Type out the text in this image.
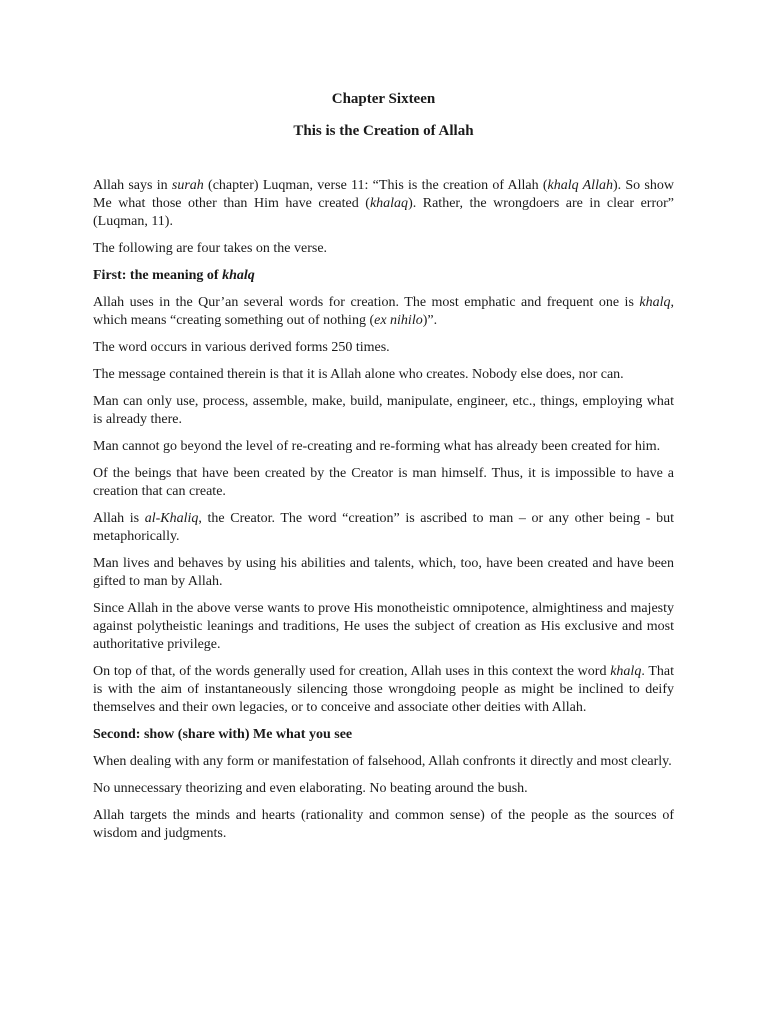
Chapter Sixteen
This is the Creation of Allah

Allah says in surah (chapter) Luqman, verse 11: “This is the creation of Allah (khalq Allah). So show Me what those other than Him have created (khalaq). Rather, the wrongdoers are in clear error” (Luqman, 11).

The following are four takes on the verse.

First: the meaning of khalq

Allah uses in the Qur’an several words for creation. The most emphatic and frequent one is khalq, which means “creating something out of nothing (ex nihilo)”.

The word occurs in various derived forms 250 times.

The message contained therein is that it is Allah alone who creates. Nobody else does, nor can.

Man can only use, process, assemble, make, build, manipulate, engineer, etc., things, employing what is already there.

Man cannot go beyond the level of re-creating and re-forming what has already been created for him.

Of the beings that have been created by the Creator is man himself. Thus, it is impossible to have a creation that can create.

Allah is al-Khaliq, the Creator. The word “creation” is ascribed to man – or any other being - but metaphorically.

Man lives and behaves by using his abilities and talents, which, too, have been created and have been gifted to man by Allah.

Since Allah in the above verse wants to prove His monotheistic omnipotence, almightiness and majesty against polytheistic leanings and traditions, He uses the subject of creation as His exclusive and most authoritative privilege.

On top of that, of the words generally used for creation, Allah uses in this context the word khalq. That is with the aim of instantaneously silencing those wrongdoing people as might be inclined to deify themselves and their own legacies, or to conceive and associate other deities with Allah.

Second: show (share with) Me what you see

When dealing with any form or manifestation of falsehood, Allah confronts it directly and most clearly.

No unnecessary theorizing and even elaborating. No beating around the bush.

Allah targets the minds and hearts (rationality and common sense) of the people as the sources of wisdom and judgments.
